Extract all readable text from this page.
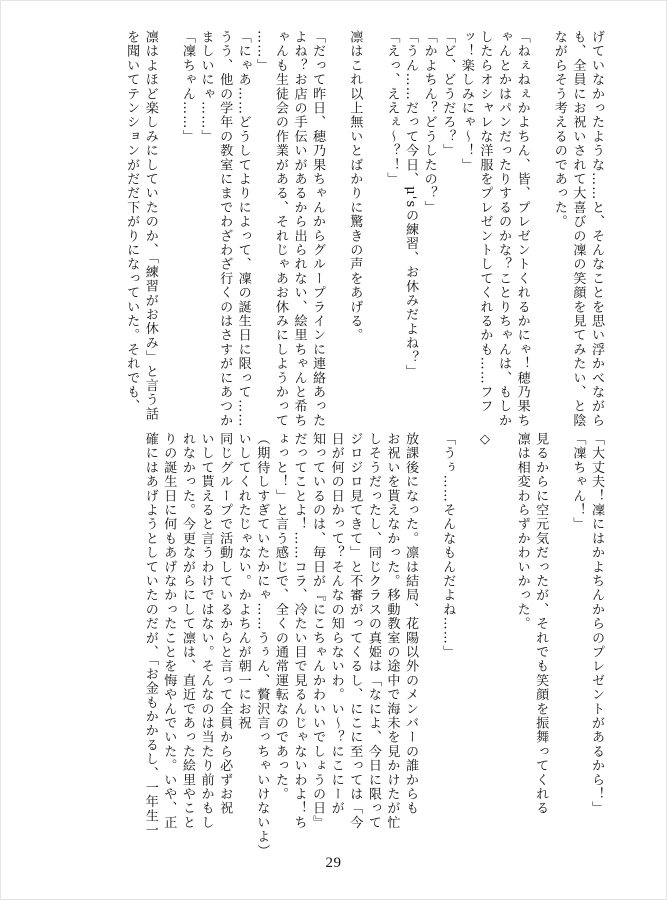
げていなかったような……と、そんなことを思い浮かべながら
も、全員にお祝いされて大喜びの凜の笑顔を見てみたい、と陰
ながらそう考えるのであった。

「ねぇねぇかよちん、皆、プレゼントくれるかにゃ！穂乃果ち
ゃんとかはパンだったりするのかな？ことりちゃんは、もしか
したらオシャレな洋服をプレゼントしてくれるかも……フフ
ッ！楽しみにゃ～！」
「ど、どうだろ？」
「かよちん？どうしたの？」
「うん……だって今日、μ'sの練習、お休みだよね？」
「えっ、ええぇ～？！」

凛はこれ以上無いとばかりに驚きの声をあげる。

「だって昨日、穂乃果ちゃんからグループラインに連絡あった
よね？お店の手伝いがあるから出られない、絵里ちゃんと希ち
ゃんも生徒会の作業がある、それじゃあお休みにしようかって
……」
「にゃあ……どうしてよりによって、凜の誕生日に限って……
うう、他の学年の教室にまでわざわざ行くのはさすがにあつか
ましいにゃ……」
「凜ちゃん……」

凛はよほど楽しみにしていたのか、「練習がお休み」と言う話
を聞いてテンションがだだ下がりになっていた。それでも、
「大丈夫！凜にはかよちんからのプレゼントがあるから！」
「凜ちゃん！」

見るからに空元気だったが、それでも笑顔を振舞ってくれる
凛は相変わらずかわいかった。

◇

「うぅ……そんなもんだよね……」

放課後になった。凛は結局、花陽以外のメンバーの誰からも
お祝いを貰えなかった。移動教室の途中で海未を見かけたが忙
しそうだったし、同じクラスの真姫は「なによ、今日に限って
ジロジロ見てきて」と不審がってくるし、にこに至っては「今
日が何の日かって？そんなの知らないわ。い～？にこにーが
知っているのは、毎日が『にこちゃんかわいいでしょうの日』
だってことよ！……コラ、冷たい目で見るんじゃないわよ！ち
ょっと！」と言う感じで、全くの通常運転なのであった。
（期待しすぎていたかにゃ……うぅん、贅沢言っちゃいけないよ）
いしてくれたじゃない。かよちんが朝一にお祝
同じグループで活動しているからと言って全員から必ずお祝
いして貰えると言うわけではない。そんなのは当たり前かもし
れなかった。今更ながらにして凛は、直近であった絵里やこと
りの誕生日に何もあげなかったことを悔やんでいた。いや、正
確にはあげようとしていたのだが、「お金もかかるし、一年生一
29
